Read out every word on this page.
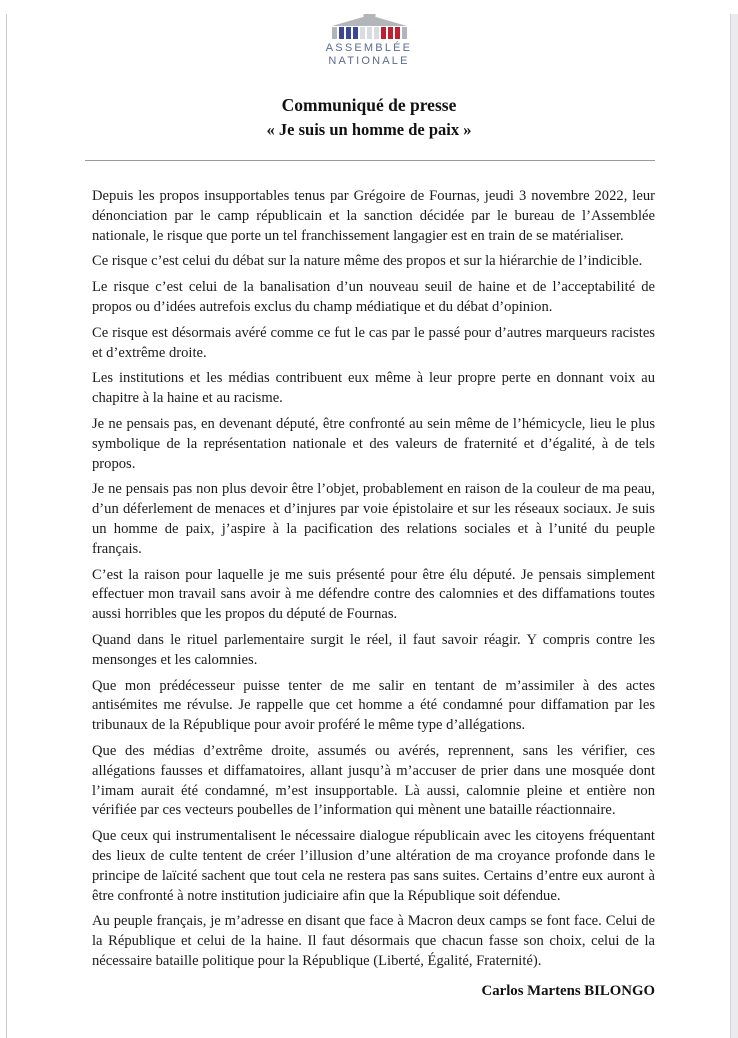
ASSEMBLÉE
NATIONALE
Communiqué de presse
« Je suis un homme de paix »

Depuis les propos insupportables tenus par Grégoire de Fournas, jeudi 3 novembre 2022, leur dénonciation par le camp républicain et la sanction décidée par le bureau de l’Assemblée nationale, le risque que porte un tel franchissement langagier est en train de se matérialiser.

Ce risque c’est celui du débat sur la nature même des propos et sur la hiérarchie de l’indicible.

Le risque c’est celui de la banalisation d’un nouveau seuil de haine et de l’acceptabilité de propos ou d’idées autrefois exclus du champ médiatique et du débat d’opinion.

Ce risque est désormais avéré comme ce fut le cas par le passé pour d’autres marqueurs racistes et d’extrême droite.

Les institutions et les médias contribuent eux même à leur propre perte en donnant voix au chapitre à la haine et au racisme.

Je ne pensais pas, en devenant député, être confronté au sein même de l’hémicycle, lieu le plus symbolique de la représentation nationale et des valeurs de fraternité et d’égalité, à de tels propos.

Je ne pensais pas non plus devoir être l’objet, probablement en raison de la couleur de ma peau, d’un déferlement de menaces et d’injures par voie épistolaire et sur les réseaux sociaux. Je suis un homme de paix, j’aspire à la pacification des relations sociales et à l’unité du peuple français.

C’est la raison pour laquelle je me suis présenté pour être élu député. Je pensais simplement effectuer mon travail sans avoir à me défendre contre des calomnies et des diffamations toutes aussi horribles que les propos du député de Fournas.

Quand dans le rituel parlementaire surgit le réel, il faut savoir réagir. Y compris contre les mensonges et les calomnies.

Que mon prédécesseur puisse tenter de me salir en tentant de m’assimiler à des actes antisémites me révulse. Je rappelle que cet homme a été condamné pour diffamation par les tribunaux de la République pour avoir proféré le même type d’allégations.

Que des médias d’extrême droite, assumés ou avérés, reprennent, sans les vérifier, ces allégations fausses et diffamatoires, allant jusqu’à m’accuser de prier dans une mosquée dont l’imam aurait été condamné, m’est insupportable. Là aussi, calomnie pleine et entière non vérifiée par ces vecteurs poubelles de l’information qui mènent une bataille réactionnaire.

Que ceux qui instrumentalisent le nécessaire dialogue républicain avec les citoyens fréquentant des lieux de culte tentent de créer l’illusion d’une altération de ma croyance profonde dans le principe de laïcité sachent que tout cela ne restera pas sans suites. Certains d’entre eux auront à être confronté à notre institution judiciaire afin que la République soit défendue.

Au peuple français, je m’adresse en disant que face à Macron deux camps se font face. Celui de la République et celui de la haine. Il faut désormais que chacun fasse son choix, celui de la nécessaire bataille politique pour la République (Liberté, Égalité, Fraternité).

Carlos Martens BILONGO
